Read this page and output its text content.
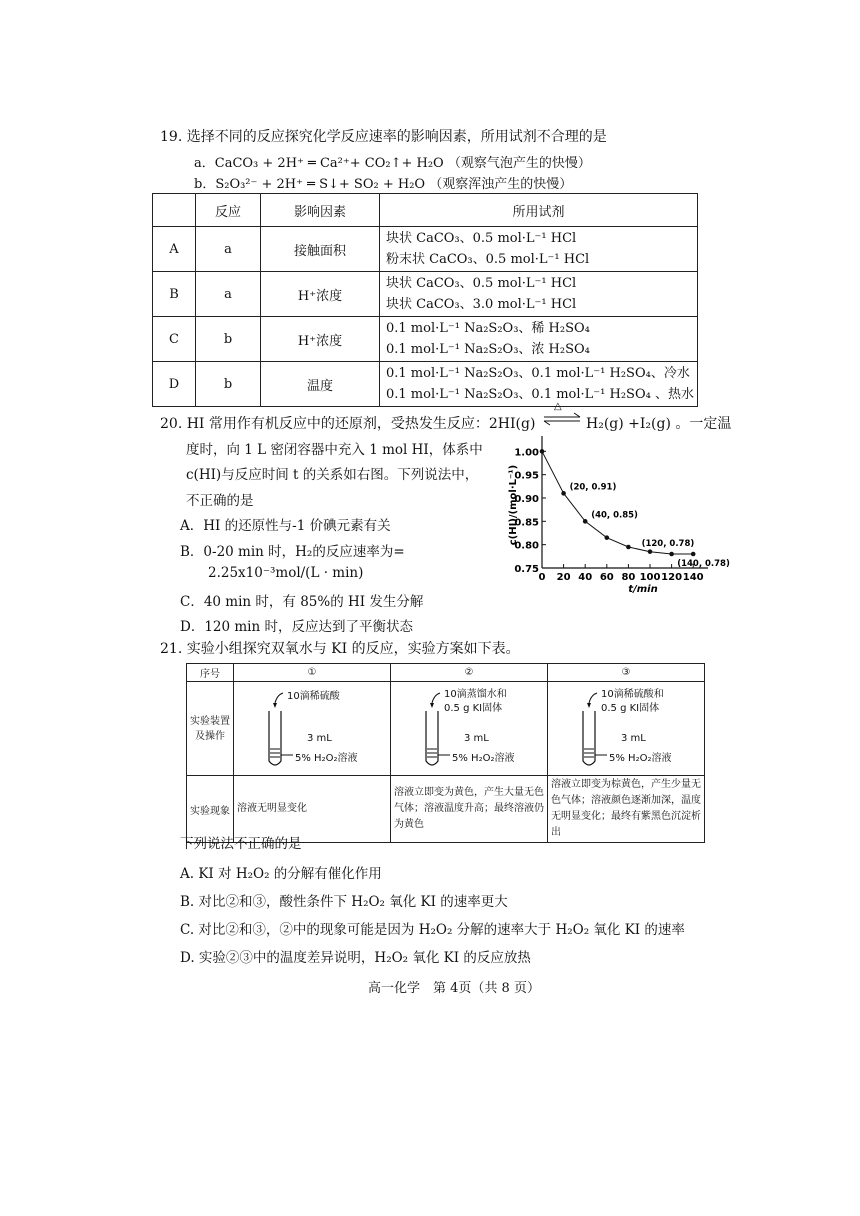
19. 选择不同的反应探究化学反应速率的影响因素，所用试剂不合理的是
a．CaCO₃ + 2H⁺ ═ Ca²⁺+ CO₂↑+ H₂O （观察气泡产生的快慢）
b．S₂O₃²⁻ + 2H⁺ ═ S↓+ SO₂ + H₂O （观察浑浊产生的快慢）
	反应	影响因素	所用试剂
A	a	接触面积	块状 CaCO₃、0.5 mol·L⁻¹ HCl
粉末状 CaCO₃、0.5 mol·L⁻¹ HCl

B	a	H⁺浓度	块状 CaCO₃、0.5 mol·L⁻¹ HCl
块状 CaCO₃、3.0 mol·L⁻¹ HCl

C	b	H⁺浓度	0.1 mol·L⁻¹ Na₂S₂O₃、稀 H₂SO₄
0.1 mol·L⁻¹ Na₂S₂O₃、浓 H₂SO₄

D	b	温度	0.1 mol·L⁻¹ Na₂S₂O₃、0.1 mol·L⁻¹ H₂SO₄、冷水
0.1 mol·L⁻¹ Na₂S₂O₃、0.1 mol·L⁻¹ H₂SO₄ 、热水
20. HI 常用作有机反应中的还原剂，受热发生反应：2HI(g)
△
H₂(g) +I₂(g) 。一定温
度时，向 1 L 密闭容器中充入 1 mol HI，体系中
c(HI)与反应时间 t 的关系如右图。下列说法中，
不正确的是
A．HI 的还原性与-1 价碘元素有关
B．0-20 min 时，H₂的反应速率为=
2.25x10⁻³mol/(L · min)
C．40 min 时，有 85%的 HI 发生分解
D．120 min 时，反应达到了平衡状态
0.75
0.80
0.85
0.90
0.95
1.00
0 20 40 60 80 100 120 140
t/min
c(HI)/(mol·L⁻¹)	(20, 0.91)
(40, 0.85)
(120, 0.78)
(140, 0.78)
21. 实验小组探究双氧水与 KI 的反应，实验方案如下表。
序号	①	②	③
实验装置及操作	10滴稀硫酸
3 mL
5% H₂O₂溶液	10滴蒸馏水和
0.5 g KI固体
3 mL
5% H₂O₂溶液	10滴稀硫酸和
0.5 g KI固体
3 mL
5% H₂O₂溶液

实验现象	溶液无明显变化	溶液立即变为黄色，产生大量无色气体；溶液温度升高；最终溶液仍为黄色	溶液立即变为棕黄色，产生少量无色气体；溶液颜色逐渐加深，温度无明显变化；最终有紫黑色沉淀析出
下列说法不正确的是
A. KI 对 H₂O₂ 的分解有催化作用
B. 对比②和③，酸性条件下 H₂O₂ 氧化 KI 的速率更大
C. 对比②和③，②中的现象可能是因为 H₂O₂ 分解的速率大于 H₂O₂ 氧化 KI 的速率
D. 实验②③中的温度差异说明，H₂O₂ 氧化 KI 的反应放热
高一化学　第 4页（共 8 页）
